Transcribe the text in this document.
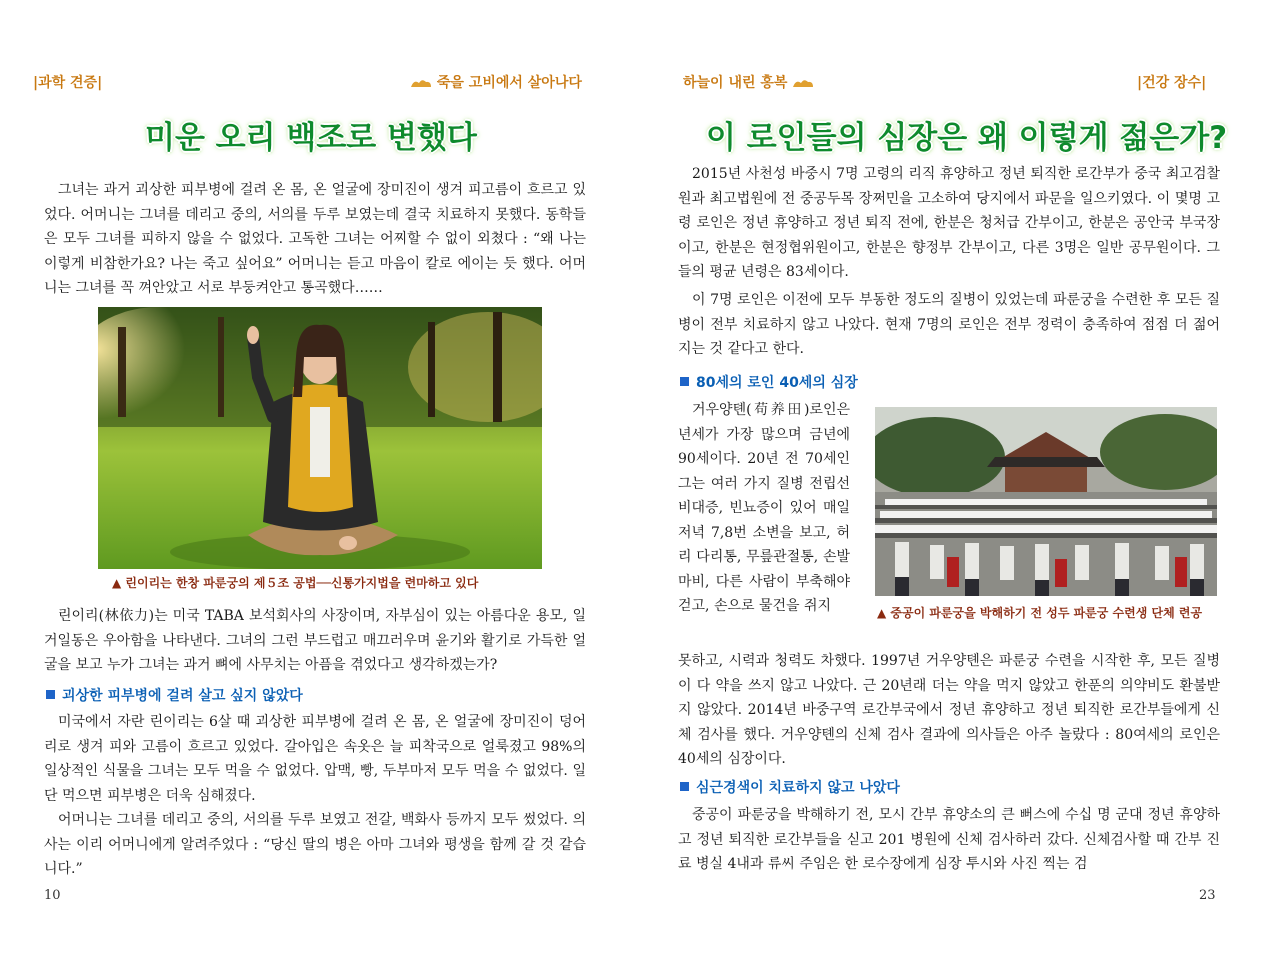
|과학 견증|	죽을 고비에서 살아나다
미운 오리 백조로 변했다

그녀는 과거 괴상한 피부병에 걸려 온 몸, 온 얼굴에 장미진이 생겨 피고름이 흐르고 있었다. 어머니는 그녀를 데리고 중의, 서의를 두루 보였는데 결국 치료하지 못했다. 동학들은 모두 그녀를 피하지 않을 수 없었다. 고독한 그녀는 어찌할 수 없이 외쳤다 : “왜 나는 이렇게 비참한가요? 나는 죽고 싶어요” 어머니는 듣고 마음이 칼로 에이는 듯 했다. 어머니는 그녀를 꼭 껴안았고 서로 부둥켜안고 통곡했다……

▲ 린이리는 한창 파룬궁의 제５조 공법──신통가지법을 련마하고 있다

린이리(林依力)는 미국 TABA 보석회사의 사장이며, 자부심이 있는 아름다운 용모, 일거일동은 우아함을 나타낸다. 그녀의 그런 부드럽고 매끄러우며 윤기와 활기로 가득한 얼굴을 보고 누가 그녀는 과거 뼈에 사무치는 아픔을 겪었다고 생각하겠는가?

괴상한 피부병에 걸려 살고 싶지 않았다

미국에서 자란 린이리는 6살 때 괴상한 피부병에 걸려 온 몸, 온 얼굴에 장미진이 덩어리로 생겨 피와 고름이 흐르고 있었다. 갈아입은 속옷은 늘 피착국으로 얼룩졌고 98%의 일상적인 식물을 그녀는 모두 먹을 수 없었다. 압맥, 빵, 두부마저 모두 먹을 수 없었다. 일단 먹으면 피부병은 더욱 심해졌다.

어머니는 그녀를 데리고 중의, 서의를 두루 보였고 전갈, 백화사 등까지 모두 썼었다. 의사는 이리 어머니에게 알려주었다 : “당신 딸의 병은 아마 그녀와 평생을 함께 갈 것 같습니다.”

10
하늘이 내린 홍복	|건강 장수|
이 로인들의 심장은 왜 이렇게 젊은가?

2015년 사천성 바중시 7명 고령의 리직 휴양하고 정년 퇴직한 로간부가 중국 최고검찰원과 최고법원에 전 중공두목 장쩌민을 고소하여 당지에서 파문을 일으키였다. 이 몇명 고령 로인은 정년 휴양하고 정년 퇴직 전에, 한분은 청처급 간부이고, 한분은 공안국 부국장이고, 한분은 현정협위원이고, 한분은 향정부 간부이고, 다른 3명은 일반 공무원이다. 그들의 평균 년령은 83세이다.

이 7명 로인은 이전에 모두 부동한 정도의 질병이 있었는데 파룬궁을 수련한 후 모든 질병이 전부 치료하지 않고 나았다. 현재 7명의 로인은 전부 정력이 충족하여 점점 더 젊어지는 것 같다고 한다.

80세의 로인 40세의 심장

거우양톈(苟养田)로인은 년세가 가장 많으며 금년에 90세이다. 20년 전 70세인 그는 여러 가지 질병 전립선 비대증, 빈뇨증이 있어 매일 저녁 7,8번 소변을 보고, 허리 다리통, 무릎관절통, 손발마비, 다른 사람이 부축해야 걷고, 손으로 물건을 쥐지	▲ 중공이 파룬궁을 박해하기 전 성두 파룬궁 수련생 단체 련공

못하고, 시력과 청력도 차했다. 1997년 거우양톈은 파룬궁 수련을 시작한 후, 모든 질병이 다 약을 쓰지 않고 나았다. 근 20년래 더는 약을 먹지 않았고 한푼의 의약비도 환불받지 않았다. 2014년 바중구역 로간부국에서 정년 휴양하고 정년 퇴직한 로간부들에게 신체 검사를 했다. 거우양톈의 신체 검사 결과에 의사들은 아주 놀랐다 : 80여세의 로인은 40세의 심장이다.

심근경색이 치료하지 않고 나았다

중공이 파룬궁을 박해하기 전, 모시 간부 휴양소의 큰 뻐스에 수십 명 군대 정년 휴양하고 정년 퇴직한 로간부들을 싣고 201 병원에 신체 검사하러 갔다. 신체검사할 때 간부 진료 병실 4내과 류씨 주임은 한 로수장에게 심장 투시와 사진 찍는 검

23
